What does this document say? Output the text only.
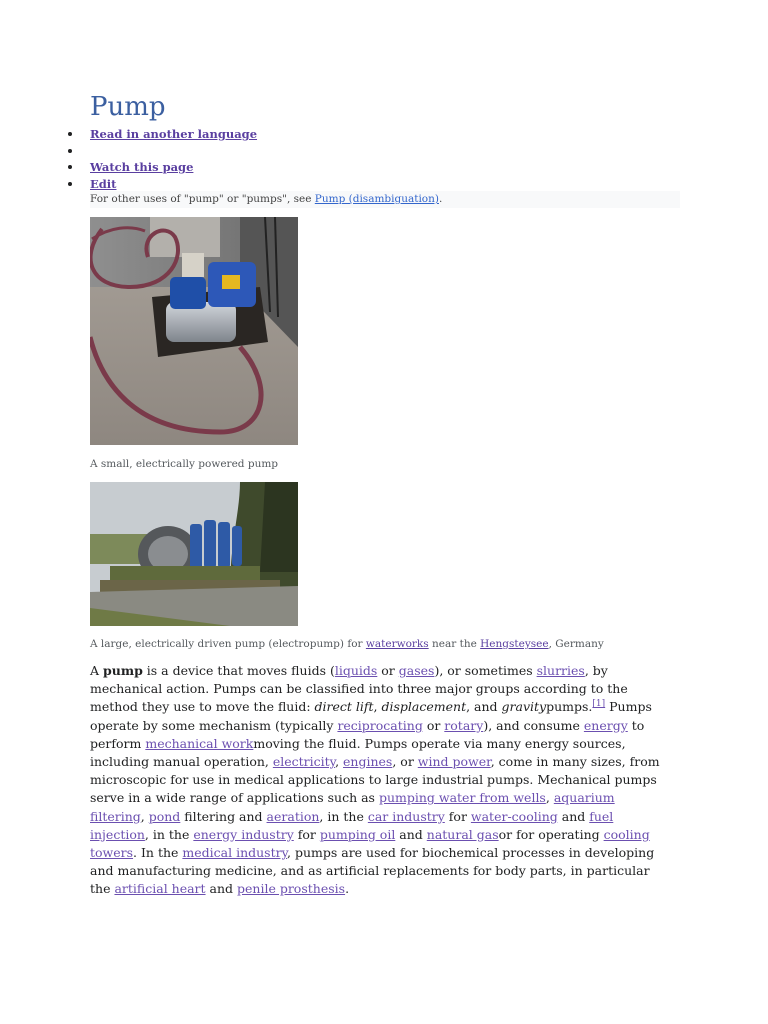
Pump
Read in another language
Watch this page
Edit
For other uses of "pump" or "pumps", see Pump (disambiguation).
A small, electrically powered pump
A large, electrically driven pump (electropump) for waterworks near the Hengsteysee, Germany

A pump is a device that moves fluids (liquids or gases), or sometimes slurries, by mechanical action. Pumps can be classified into three major groups according to the method they use to move the fluid: direct lift, displacement, and gravitypumps.[1] Pumps operate by some mechanism (typically reciprocating or rotary), and consume energy to perform mechanical workmoving the fluid. Pumps operate via many energy sources, including manual operation, electricity, engines, or wind power, come in many sizes, from microscopic for use in medical applications to large industrial pumps. Mechanical pumps serve in a wide range of applications such as pumping water from wells, aquarium filtering, pond filtering and aeration, in the car industry for water-cooling and fuel injection, in the energy industry for pumping oil and natural gasor for operating cooling towers. In the medical industry, pumps are used for biochemical processes in developing and manufacturing medicine, and as artificial replacements for body parts, in particular the artificial heart and penile prosthesis.
